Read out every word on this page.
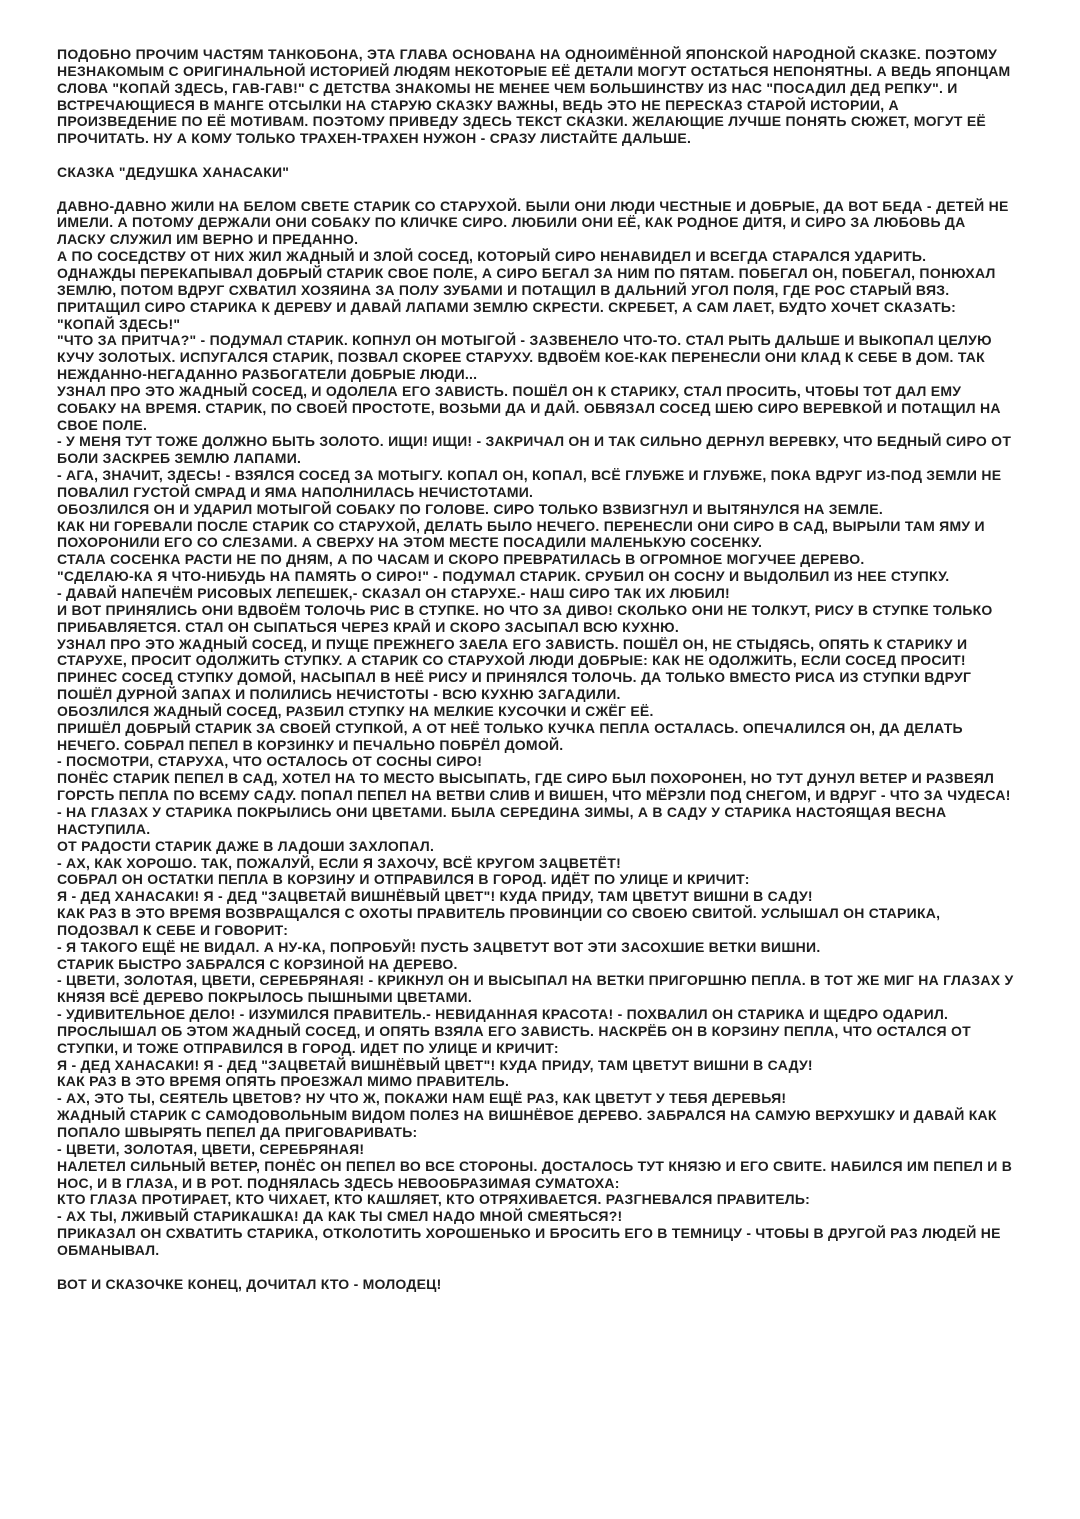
ПОДОБНО ПРОЧИМ ЧАСТЯМ ТАНКОБОНА, ЭТА ГЛАВА ОСНОВАНА НА ОДНОИМЁННОЙ ЯПОНСКОЙ НАРОДНОЙ СКАЗКЕ. ПОЭТОМУ НЕЗНАКОМЫМ С ОРИГИНАЛЬНОЙ ИСТОРИЕЙ ЛЮДЯМ НЕКОТОРЫЕ ЕЁ ДЕТАЛИ МОГУТ ОСТАТЬСЯ НЕПОНЯТНЫ. А ВЕДЬ ЯПОНЦАМ СЛОВА "КОПАЙ ЗДЕСЬ, ГАВ-ГАВ!" С ДЕТСТВА ЗНАКОМЫ НЕ МЕНЕЕ ЧЕМ БОЛЬШИНСТВУ ИЗ НАС "ПОСАДИЛ ДЕД РЕПКУ". И ВСТРЕЧАЮЩИЕСЯ В МАНГЕ ОТСЫЛКИ НА СТАРУЮ СКАЗКУ ВАЖНЫ, ВЕДЬ ЭТО НЕ ПЕРЕСКАЗ СТАРОЙ ИСТОРИИ, А ПРОИЗВЕДЕНИЕ ПО ЕЁ МОТИВАМ. ПОЭТОМУ ПРИВЕДУ ЗДЕСЬ ТЕКСТ СКАЗКИ. ЖЕЛАЮЩИЕ ЛУЧШЕ ПОНЯТЬ СЮЖЕТ, МОГУТ ЕЁ ПРОЧИТАТЬ. НУ А КОМУ ТОЛЬКО ТРАХЕН-ТРАХЕН НУЖОН - СРАЗУ ЛИСТАЙТЕ ДАЛЬШЕ.

СКАЗКА "ДЕДУШКА ХАНАСАКИ"

ДАВНО-ДАВНО ЖИЛИ НА БЕЛОМ СВЕТЕ СТАРИК СО СТАРУХОЙ. БЫЛИ ОНИ ЛЮДИ ЧЕСТНЫЕ И ДОБРЫЕ, ДА ВОТ БЕДА - ДЕТЕЙ НЕ ИМЕЛИ. А ПОТОМУ ДЕРЖАЛИ ОНИ СОБАКУ ПО КЛИЧКЕ СИРО. ЛЮБИЛИ ОНИ ЕЁ, КАК РОДНОЕ ДИТЯ, И СИРО ЗА ЛЮБОВЬ ДА ЛАСКУ СЛУЖИЛ ИМ ВЕРНО И ПРЕДАННО.

А ПО СОСЕДСТВУ ОТ НИХ ЖИЛ ЖАДНЫЙ И ЗЛОЙ СОСЕД, КОТОРЫЙ СИРО НЕНАВИДЕЛ И ВСЕГДА СТАРАЛСЯ УДАРИТЬ.

ОДНАЖДЫ ПЕРЕКАПЫВАЛ ДОБРЫЙ СТАРИК СВОЕ ПОЛЕ, А СИРО БЕГАЛ ЗА НИМ ПО ПЯТАМ. ПОБЕГАЛ ОН, ПОБЕГАЛ, ПОНЮХАЛ ЗЕМЛЮ, ПОТОМ ВДРУГ СХВАТИЛ ХОЗЯИНА ЗА ПОЛУ ЗУБАМИ И ПОТАЩИЛ В ДАЛЬНИЙ УГОЛ ПОЛЯ, ГДЕ РОС СТАРЫЙ ВЯЗ. ПРИТАЩИЛ СИРО СТАРИКА К ДЕРЕВУ И ДАВАЙ ЛАПАМИ ЗЕМЛЮ СКРЕСТИ. СКРЕБЕТ, А САМ ЛАЕТ, БУДТО ХОЧЕТ СКАЗАТЬ: "КОПАЙ ЗДЕСЬ!"

"ЧТО ЗА ПРИТЧА?" - ПОДУМАЛ СТАРИК. КОПНУЛ ОН МОТЫГОЙ - ЗАЗВЕНЕЛО ЧТО-ТО. СТАЛ РЫТЬ ДАЛЬШЕ И ВЫКОПАЛ ЦЕЛУЮ КУЧУ ЗОЛОТЫХ. ИСПУГАЛСЯ СТАРИК, ПОЗВАЛ СКОРЕЕ СТАРУХУ. ВДВОЁМ КОЕ-КАК ПЕРЕНЕСЛИ ОНИ КЛАД К СЕБЕ В ДОМ. ТАК НЕЖДАННО-НЕГАДАННО РАЗБОГАТЕЛИ ДОБРЫЕ ЛЮДИ...

УЗНАЛ ПРО ЭТО ЖАДНЫЙ СОСЕД, И ОДОЛЕЛА ЕГО ЗАВИСТЬ. ПОШЁЛ ОН К СТАРИКУ, СТАЛ ПРОСИТЬ, ЧТОБЫ ТОТ ДАЛ ЕМУ СОБАКУ НА ВРЕМЯ. СТАРИК, ПО СВОЕЙ ПРОСТОТЕ, ВОЗЬМИ ДА И ДАЙ. ОБВЯЗАЛ СОСЕД ШЕЮ СИРО ВЕРЕВКОЙ И ПОТАЩИЛ НА СВОЕ ПОЛЕ.

- У МЕНЯ ТУТ ТОЖЕ ДОЛЖНО БЫТЬ ЗОЛОТО. ИЩИ! ИЩИ! - ЗАКРИЧАЛ ОН И ТАК СИЛЬНО ДЕРНУЛ ВЕРЕВКУ, ЧТО БЕДНЫЙ СИРО ОТ БОЛИ ЗАСКРЕБ ЗЕМЛЮ ЛАПАМИ.

- АГА, ЗНАЧИТ, ЗДЕСЬ! - ВЗЯЛСЯ СОСЕД ЗА МОТЫГУ. КОПАЛ ОН, КОПАЛ, ВСЁ ГЛУБЖЕ И ГЛУБЖЕ, ПОКА ВДРУГ ИЗ-ПОД ЗЕМЛИ НЕ ПОВАЛИЛ ГУСТОЙ СМРАД И ЯМА НАПОЛНИЛАСЬ НЕЧИСТОТАМИ.

ОБОЗЛИЛСЯ ОН И УДАРИЛ МОТЫГОЙ СОБАКУ ПО ГОЛОВЕ. СИРО ТОЛЬКО ВЗВИЗГНУЛ И ВЫТЯНУЛСЯ НА ЗЕМЛЕ.

КАК НИ ГОРЕВАЛИ ПОСЛЕ СТАРИК СО СТАРУХОЙ, ДЕЛАТЬ БЫЛО НЕЧЕГО. ПЕРЕНЕСЛИ ОНИ СИРО В САД, ВЫРЫЛИ ТАМ ЯМУ И ПОХОРОНИЛИ ЕГО СО СЛЕЗАМИ. А СВЕРХУ НА ЭТОМ МЕСТЕ ПОСАДИЛИ МАЛЕНЬКУЮ СОСЕНКУ.

СТАЛА СОСЕНКА РАСТИ НЕ ПО ДНЯМ, А ПО ЧАСАМ И СКОРО ПРЕВРАТИЛАСЬ В ОГРОМНОЕ МОГУЧЕЕ ДЕРЕВО.

"СДЕЛАЮ-КА Я ЧТО-НИБУДЬ НА ПАМЯТЬ О СИРО!" - ПОДУМАЛ СТАРИК. СРУБИЛ ОН СОСНУ И ВЫДОЛБИЛ ИЗ НЕЕ СТУПКУ.

- ДАВАЙ НАПЕЧЁМ РИСОВЫХ ЛЕПЕШЕК,- СКАЗАЛ ОН СТАРУХЕ.- НАШ СИРО ТАК ИХ ЛЮБИЛ!

И ВОТ ПРИНЯЛИСЬ ОНИ ВДВОЁМ ТОЛОЧЬ РИС В СТУПКЕ. НО ЧТО ЗА ДИВО! СКОЛЬКО ОНИ НЕ ТОЛКУТ, РИСУ В СТУПКЕ ТОЛЬКО ПРИБАВЛЯЕТСЯ. СТАЛ ОН СЫПАТЬСЯ ЧЕРЕЗ КРАЙ И СКОРО ЗАСЫПАЛ ВСЮ КУХНЮ.

УЗНАЛ ПРО ЭТО ЖАДНЫЙ СОСЕД, И ПУЩЕ ПРЕЖНЕГО ЗАЕЛА ЕГО ЗАВИСТЬ. ПОШЁЛ ОН, НЕ СТЫДЯСЬ, ОПЯТЬ К СТАРИКУ И СТАРУХЕ, ПРОСИТ ОДОЛЖИТЬ СТУПКУ. А СТАРИК СО СТАРУХОЙ ЛЮДИ ДОБРЫЕ: КАК НЕ ОДОЛЖИТЬ, ЕСЛИ СОСЕД ПРОСИТ!

ПРИНЕС СОСЕД СТУПКУ ДОМОЙ, НАСЫПАЛ В НЕЁ РИСУ И ПРИНЯЛСЯ ТОЛОЧЬ. ДА ТОЛЬКО ВМЕСТО РИСА ИЗ СТУПКИ ВДРУГ ПОШЁЛ ДУРНОЙ ЗАПАХ И ПОЛИЛИСЬ НЕЧИСТОТЫ - ВСЮ КУХНЮ ЗАГАДИЛИ.

ОБОЗЛИЛСЯ ЖАДНЫЙ СОСЕД, РАЗБИЛ СТУПКУ НА МЕЛКИЕ КУСОЧКИ И СЖЁГ ЕЁ.

ПРИШЁЛ ДОБРЫЙ СТАРИК ЗА СВОЕЙ СТУПКОЙ, А ОТ НЕЁ ТОЛЬКО КУЧКА ПЕПЛА ОСТАЛАСЬ. ОПЕЧАЛИЛСЯ ОН, ДА ДЕЛАТЬ НЕЧЕГО. СОБРАЛ ПЕПЕЛ В КОРЗИНКУ И ПЕЧАЛЬНО ПОБРЁЛ ДОМОЙ.

- ПОСМОТРИ, СТАРУХА, ЧТО ОСТАЛОСЬ ОТ СОСНЫ СИРО!

ПОНЁС СТАРИК ПЕПЕЛ В САД, ХОТЕЛ НА ТО МЕСТО ВЫСЫПАТЬ, ГДЕ СИРО БЫЛ ПОХОРОНЕН, НО ТУТ ДУНУЛ ВЕТЕР И РАЗВЕЯЛ ГОРСТЬ ПЕПЛА ПО ВСЕМУ САДУ. ПОПАЛ ПЕПЕЛ НА ВЕТВИ СЛИВ И ВИШЕН, ЧТО МЁРЗЛИ ПОД СНЕГОМ, И ВДРУГ - ЧТО ЗА ЧУДЕСА! - НА ГЛАЗАХ У СТАРИКА ПОКРЫЛИСЬ ОНИ ЦВЕТАМИ. БЫЛА СЕРЕДИНА ЗИМЫ, А В САДУ У СТАРИКА НАСТОЯЩАЯ ВЕСНА НАСТУПИЛА.

ОТ РАДОСТИ СТАРИК ДАЖЕ В ЛАДОШИ ЗАХЛОПАЛ.

- АХ, КАК ХОРОШО. ТАК, ПОЖАЛУЙ, ЕСЛИ Я ЗАХОЧУ, ВСЁ КРУГОМ ЗАЦВЕТЁТ!

СОБРАЛ ОН ОСТАТКИ ПЕПЛА В КОРЗИНУ И ОТПРАВИЛСЯ В ГОРОД. ИДЁТ ПО УЛИЦЕ И КРИЧИТ:

Я - ДЕД ХАНАСАКИ! Я - ДЕД "ЗАЦВЕТАЙ ВИШНЁВЫЙ ЦВЕТ"! КУДА ПРИДУ, ТАМ ЦВЕТУТ ВИШНИ В САДУ!

КАК РАЗ В ЭТО ВРЕМЯ ВОЗВРАЩАЛСЯ С ОХОТЫ ПРАВИТЕЛЬ ПРОВИНЦИИ СО СВОЕЮ СВИТОЙ. УСЛЫШАЛ ОН СТАРИКА, ПОДОЗВАЛ К СЕБЕ И ГОВОРИТ:

- Я ТАКОГО ЕЩЁ НЕ ВИДАЛ. А НУ-КА, ПОПРОБУЙ! ПУСТЬ ЗАЦВЕТУТ ВОТ ЭТИ ЗАСОХШИЕ ВЕТКИ ВИШНИ.

СТАРИК БЫСТРО ЗАБРАЛСЯ С КОРЗИНОЙ НА ДЕРЕВО.

- ЦВЕТИ, ЗОЛОТАЯ, ЦВЕТИ, СЕРЕБРЯНАЯ! - КРИКНУЛ ОН И ВЫСЫПАЛ НА ВЕТКИ ПРИГОРШНЮ ПЕПЛА. В ТОТ ЖЕ МИГ НА ГЛАЗАХ У КНЯЗЯ ВСЁ ДЕРЕВО ПОКРЫЛОСЬ ПЫШНЫМИ ЦВЕТАМИ.

- УДИВИТЕЛЬНОЕ ДЕЛО! - ИЗУМИЛСЯ ПРАВИТЕЛЬ.- НЕВИДАННАЯ КРАСОТА! - ПОХВАЛИЛ ОН СТАРИКА И ЩЕДРО ОДАРИЛ.

ПРОСЛЫШАЛ ОБ ЭТОМ ЖАДНЫЙ СОСЕД, И ОПЯТЬ ВЗЯЛА ЕГО ЗАВИСТЬ. НАСКРЁБ ОН В КОРЗИНУ ПЕПЛА, ЧТО ОСТАЛСЯ ОТ СТУПКИ, И ТОЖЕ ОТПРАВИЛСЯ В ГОРОД. ИДЕТ ПО УЛИЦЕ И КРИЧИТ:

Я - ДЕД ХАНАСАКИ! Я - ДЕД "ЗАЦВЕТАЙ ВИШНЁВЫЙ ЦВЕТ"! КУДА ПРИДУ, ТАМ ЦВЕТУТ ВИШНИ В САДУ!

КАК РАЗ В ЭТО ВРЕМЯ ОПЯТЬ ПРОЕЗЖАЛ МИМО ПРАВИТЕЛЬ.

- АХ, ЭТО ТЫ, СЕЯТЕЛЬ ЦВЕТОВ? НУ ЧТО Ж, ПОКАЖИ НАМ ЕЩЁ РАЗ, КАК ЦВЕТУТ У ТЕБЯ ДЕРЕВЬЯ!

ЖАДНЫЙ СТАРИК С САМОДОВОЛЬНЫМ ВИДОМ ПОЛЕЗ НА ВИШНЁВОЕ ДЕРЕВО. ЗАБРАЛСЯ НА САМУЮ ВЕРХУШКУ И ДАВАЙ КАК ПОПАЛО ШВЫРЯТЬ ПЕПЕЛ ДА ПРИГОВАРИВАТЬ:

- ЦВЕТИ, ЗОЛОТАЯ, ЦВЕТИ, СЕРЕБРЯНАЯ!

НАЛЕТЕЛ СИЛЬНЫЙ ВЕТЕР, ПОНЁС ОН ПЕПЕЛ ВО ВСЕ СТОРОНЫ. ДОСТАЛОСЬ ТУТ КНЯЗЮ И ЕГО СВИТЕ. НАБИЛСЯ ИМ ПЕПЕЛ И В НОС, И В ГЛАЗА, И В РОТ. ПОДНЯЛАСЬ ЗДЕСЬ НЕВООБРАЗИМАЯ СУМАТОХА:

КТО ГЛАЗА ПРОТИРАЕТ, КТО ЧИХАЕТ, КТО КАШЛЯЕТ, КТО ОТРЯХИВАЕТСЯ. РАЗГНЕВАЛСЯ ПРАВИТЕЛЬ:

- АХ ТЫ, ЛЖИВЫЙ СТАРИКАШКА! ДА КАК ТЫ СМЕЛ НАДО МНОЙ СМЕЯТЬСЯ?!

ПРИКАЗАЛ ОН СХВАТИТЬ СТАРИКА, ОТКОЛОТИТЬ ХОРОШЕНЬКО И БРОСИТЬ ЕГО В ТЕМНИЦУ - ЧТОБЫ В ДРУГОЙ РАЗ ЛЮДЕЙ НЕ ОБМАНЫВАЛ.

ВОТ И СКАЗОЧКЕ КОНЕЦ, ДОЧИТАЛ КТО - МОЛОДЕЦ!
